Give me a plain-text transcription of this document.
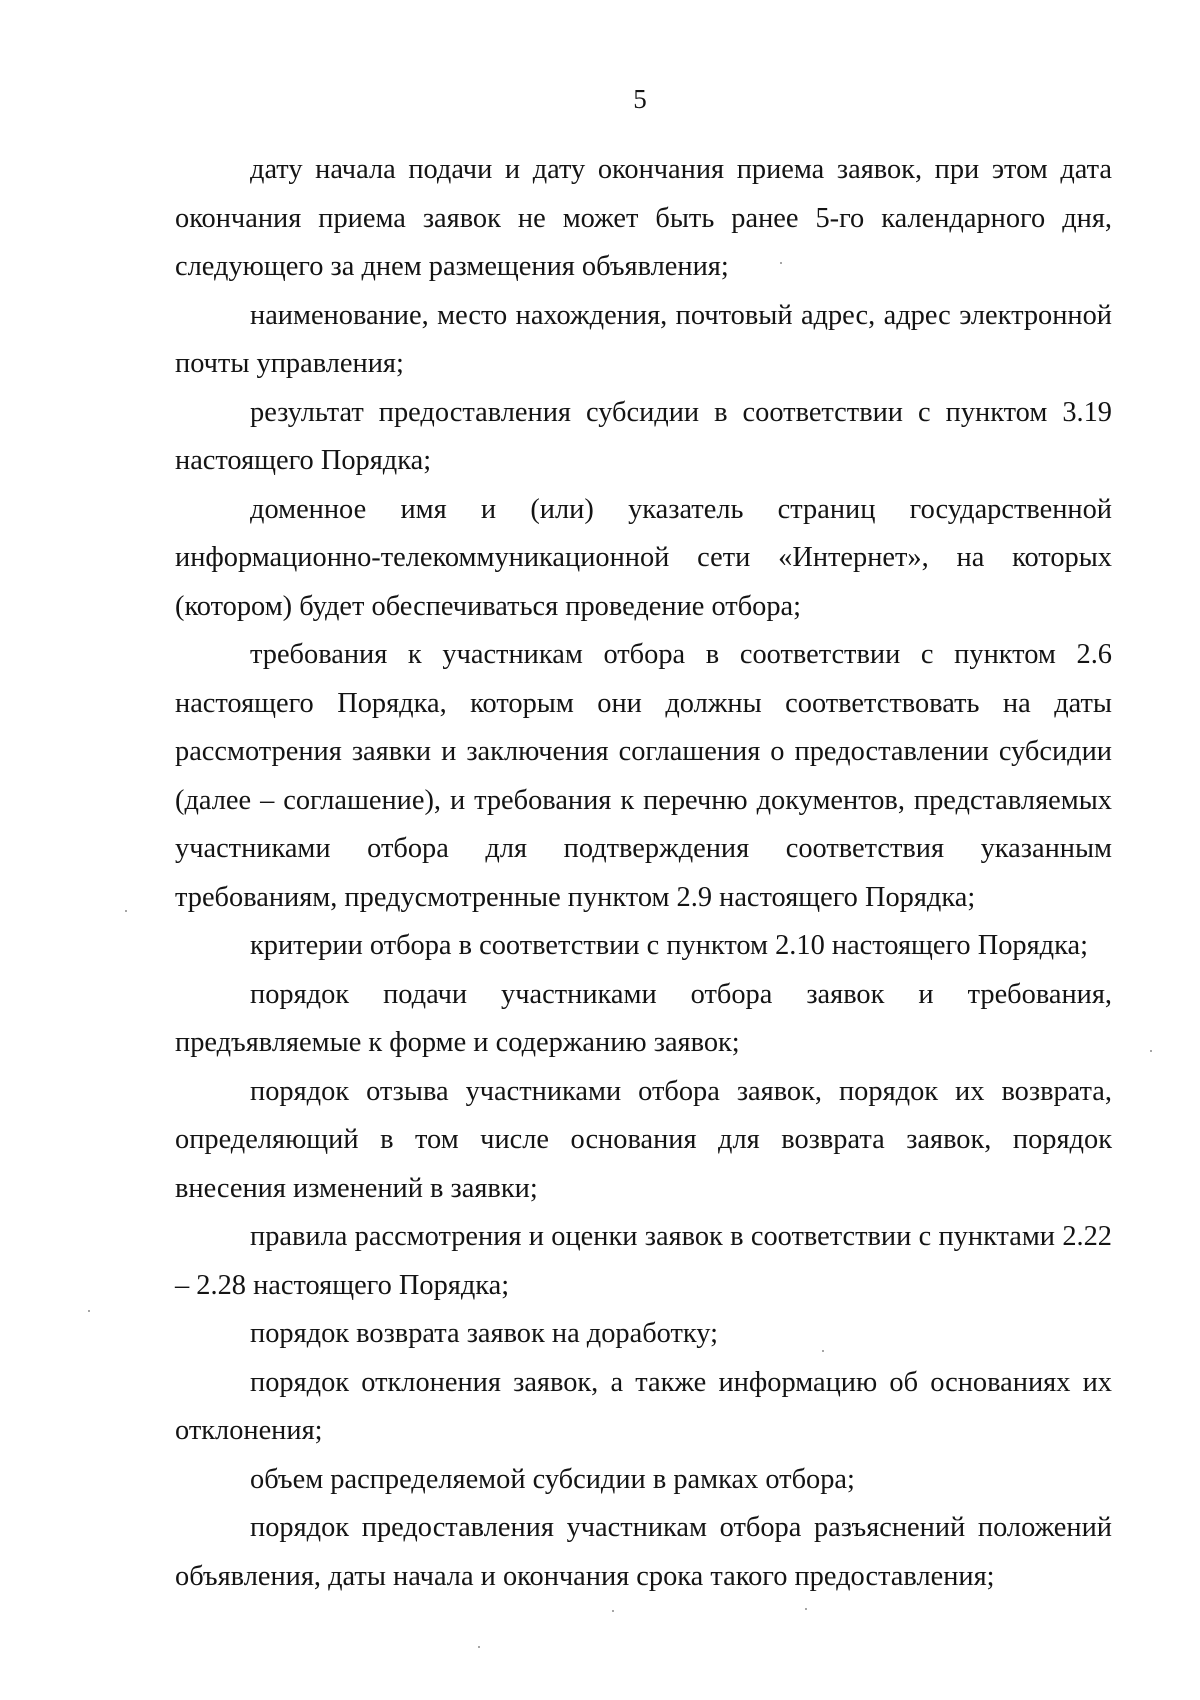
5

дату начала подачи и дату окончания приема заявок, при этом дата окончания приема заявок не может быть ранее 5-го календарного дня, следующего за днем размещения объявления;

наименование, место нахождения, почтовый адрес, адрес электронной почты управления;

результат предоставления субсидии в соответствии с пунктом 3.19 настоящего Порядка;

доменное имя и (или) указатель страниц государственной информационно-телекоммуникационной сети «Интернет», на которых (котором) будет обеспечиваться проведение отбора;

требования к участникам отбора в соответствии с пунктом 2.6 настоящего Порядка, которым они должны соответствовать на даты рассмотрения заявки и заключения соглашения о предоставлении субсидии (далее – соглашение), и требования к перечню документов, представляемых участниками отбора для подтверждения соответствия указанным требованиям, предусмотренные пунктом 2.9 настоящего Порядка;

критерии отбора в соответствии с пунктом 2.10 настоящего Порядка;

порядок подачи участниками отбора заявок и требования, предъявляемые к форме и содержанию заявок;

порядок отзыва участниками отбора заявок, порядок их возврата, определяющий в том числе основания для возврата заявок, порядок внесения изменений в заявки;

правила рассмотрения и оценки заявок в соответствии с пунктами 2.22 – 2.28 настоящего Порядка;

порядок возврата заявок на доработку;

порядок отклонения заявок, а также информацию об основаниях их отклонения;

объем распределяемой субсидии в рамках отбора;

порядок предоставления участникам отбора разъяснений положений объявления, даты начала и окончания срока такого предоставления;
